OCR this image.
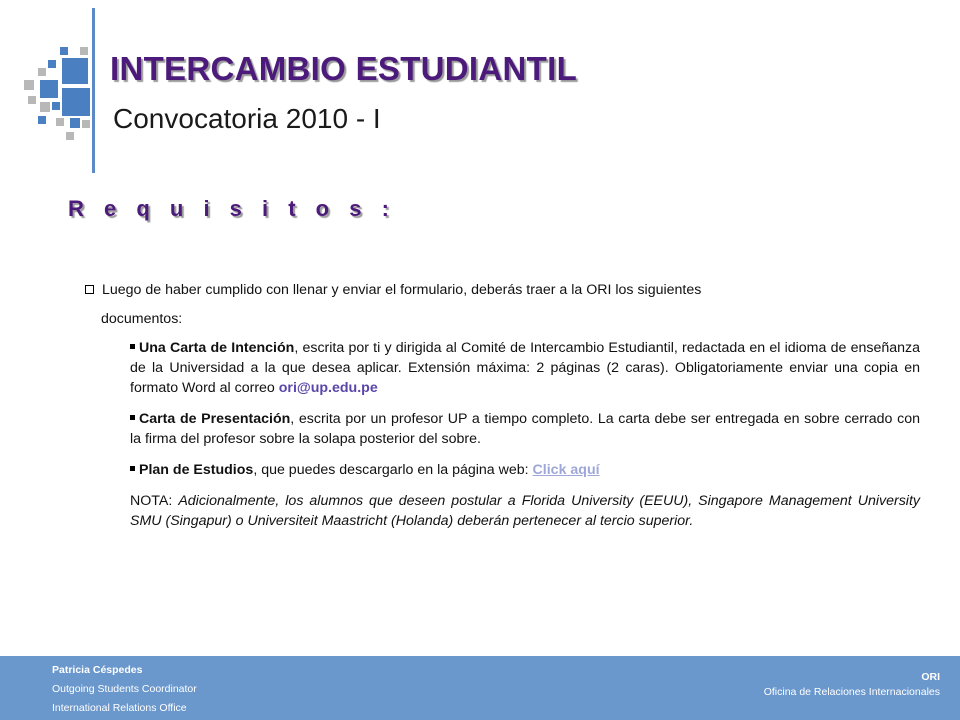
INTERCAMBIO ESTUDIANTIL
Convocatoria 2010 - I
R e q u i s i t o s :
Luego de haber cumplido con llenar y enviar el formulario, deberás traer a la ORI los siguientes
documentos:

Una Carta de Intención, escrita por ti y dirigida al Comité de Intercambio Estudiantil, redactada en el idioma de enseñanza de la Universidad a la que desea aplicar. Extensión máxima: 2 páginas (2 caras). Obligatoriamente enviar una copia en formato Word al correo ori@up.edu.pe

Carta de Presentación, escrita por un profesor UP a tiempo completo. La carta debe ser entregada en sobre cerrado con la firma del profesor sobre la solapa posterior del sobre.

Plan de Estudios, que puedes descargarlo en la página web: Click aquí

NOTA: Adicionalmente, los alumnos que deseen postular a Florida University (EEUU), Singapore Management University SMU (Singapur) o Universiteit Maastricht (Holanda) deberán pertenecer al tercio superior.

Patricia Céspedes
Outgoing Students Coordinator
International Relations Office
ORI
Oficina de Relaciones Internacionales
